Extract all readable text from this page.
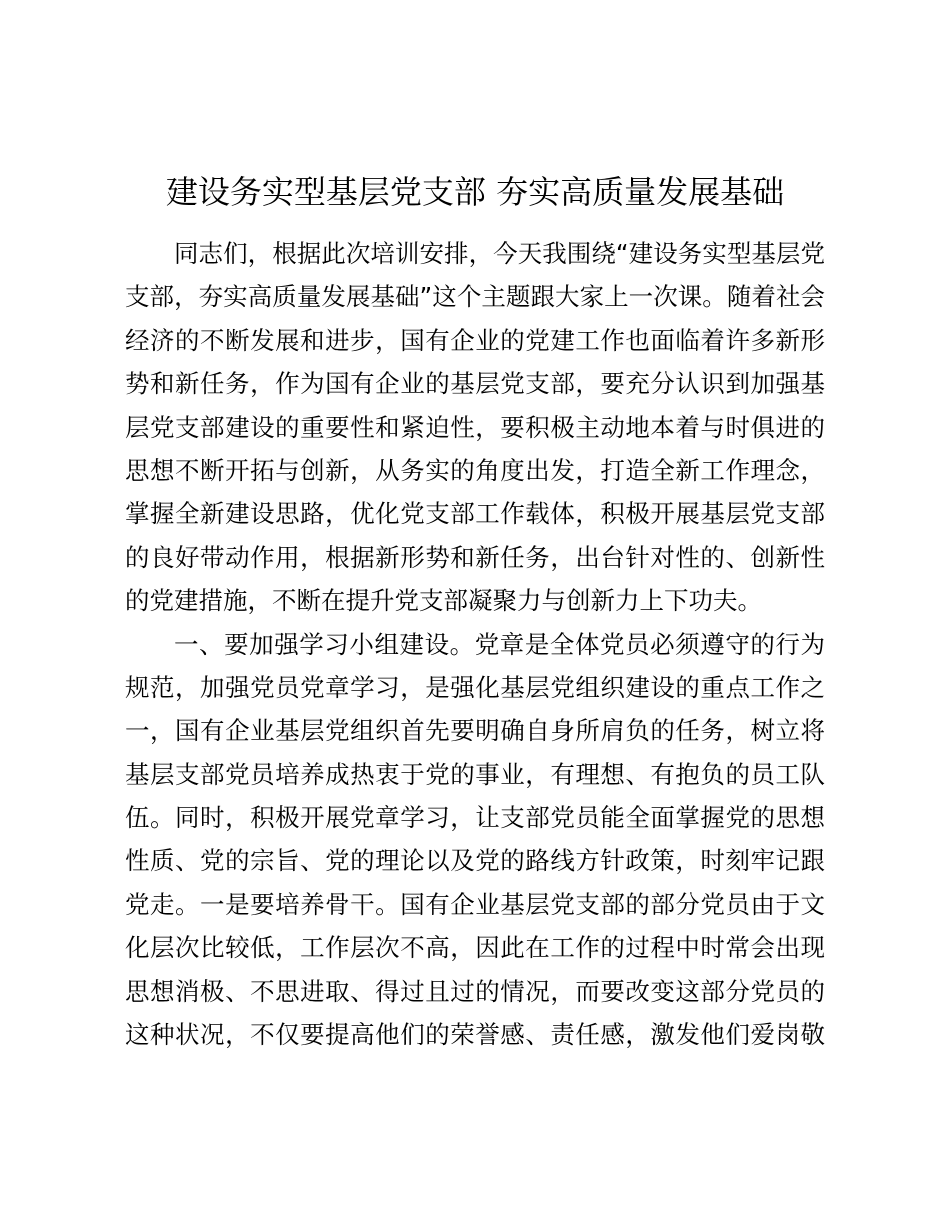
建设务实型基层党支部 夯实高质量发展基础
同志们，根据此次培训安排，今天我围绕“建设务实型基层党
支部，夯实高质量发展基础”这个主题跟大家上一次课。随着社会
经济的不断发展和进步，国有企业的党建工作也面临着许多新形
势和新任务，作为国有企业的基层党支部，要充分认识到加强基
层党支部建设的重要性和紧迫性，要积极主动地本着与时俱进的
思想不断开拓与创新，从务实的角度出发，打造全新工作理念，
掌握全新建设思路，优化党支部工作载体，积极开展基层党支部
的良好带动作用，根据新形势和新任务，出台针对性的、创新性
的党建措施，不断在提升党支部凝聚力与创新力上下功夫。
一、要加强学习小组建设。党章是全体党员必须遵守的行为
规范，加强党员党章学习，是强化基层党组织建设的重点工作之
一，国有企业基层党组织首先要明确自身所肩负的任务，树立将
基层支部党员培养成热衷于党的事业，有理想、有抱负的员工队
伍。同时，积极开展党章学习，让支部党员能全面掌握党的思想
性质、党的宗旨、党的理论以及党的路线方针政策，时刻牢记跟
党走。一是要培养骨干。国有企业基层党支部的部分党员由于文
化层次比较低，工作层次不高，因此在工作的过程中时常会出现
思想消极、不思进取、得过且过的情况，而要改变这部分党员的
这种状况，不仅要提高他们的荣誉感、责任感，激发他们爱岗敬
